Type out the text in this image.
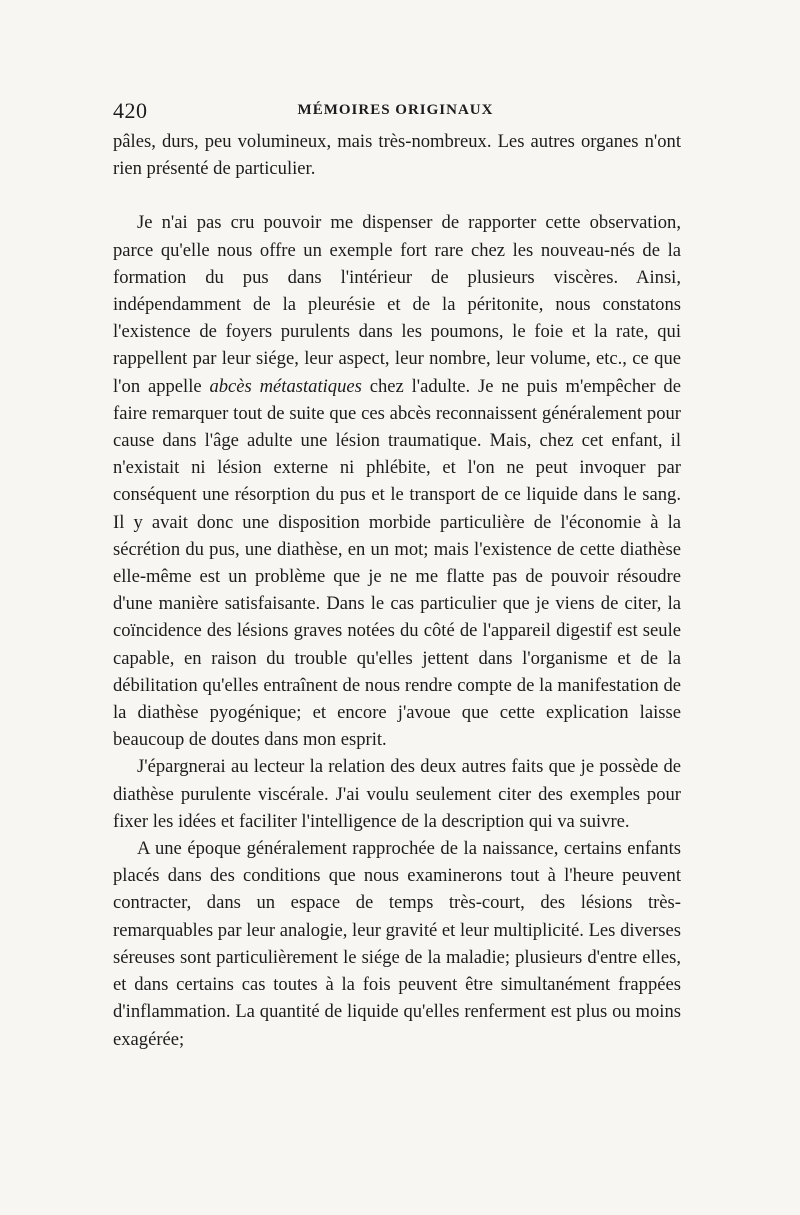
420	MÉMOIRES ORIGINAUX

pâles, durs, peu volumineux, mais très-nombreux. Les autres organes n'ont rien présenté de particulier.

Je n'ai pas cru pouvoir me dispenser de rapporter cette observation, parce qu'elle nous offre un exemple fort rare chez les nouveau-nés de la formation du pus dans l'intérieur de plusieurs viscères. Ainsi, indépendamment de la pleurésie et de la péritonite, nous constatons l'existence de foyers purulents dans les poumons, le foie et la rate, qui rappellent par leur siége, leur aspect, leur nombre, leur volume, etc., ce que l'on appelle abcès métastatiques chez l'adulte. Je ne puis m'empêcher de faire remarquer tout de suite que ces abcès reconnaissent généralement pour cause dans l'âge adulte une lésion traumatique. Mais, chez cet enfant, il n'existait ni lésion externe ni phlébite, et l'on ne peut invoquer par conséquent une résorption du pus et le transport de ce liquide dans le sang. Il y avait donc une disposition morbide particulière de l'économie à la sécrétion du pus, une diathèse, en un mot; mais l'existence de cette diathèse elle-même est un problème que je ne me flatte pas de pouvoir résoudre d'une manière satisfaisante. Dans le cas particulier que je viens de citer, la coïncidence des lésions graves notées du côté de l'appareil digestif est seule capable, en raison du trouble qu'elles jettent dans l'organisme et de la débilitation qu'elles entraînent de nous rendre compte de la manifestation de la diathèse pyogénique; et encore j'avoue que cette explication laisse beaucoup de doutes dans mon esprit.

J'épargnerai au lecteur la relation des deux autres faits que je possède de diathèse purulente viscérale. J'ai voulu seulement citer des exemples pour fixer les idées et faciliter l'intelligence de la description qui va suivre.

A une époque généralement rapprochée de la naissance, certains enfants placés dans des conditions que nous examinerons tout à l'heure peuvent contracter, dans un espace de temps très-court, des lésions très-remarquables par leur analogie, leur gravité et leur multiplicité. Les diverses séreuses sont particulièrement le siége de la maladie; plusieurs d'entre elles, et dans certains cas toutes à la fois peuvent être simultanément frappées d'inflammation. La quantité de liquide qu'elles renferment est plus ou moins exagérée;
